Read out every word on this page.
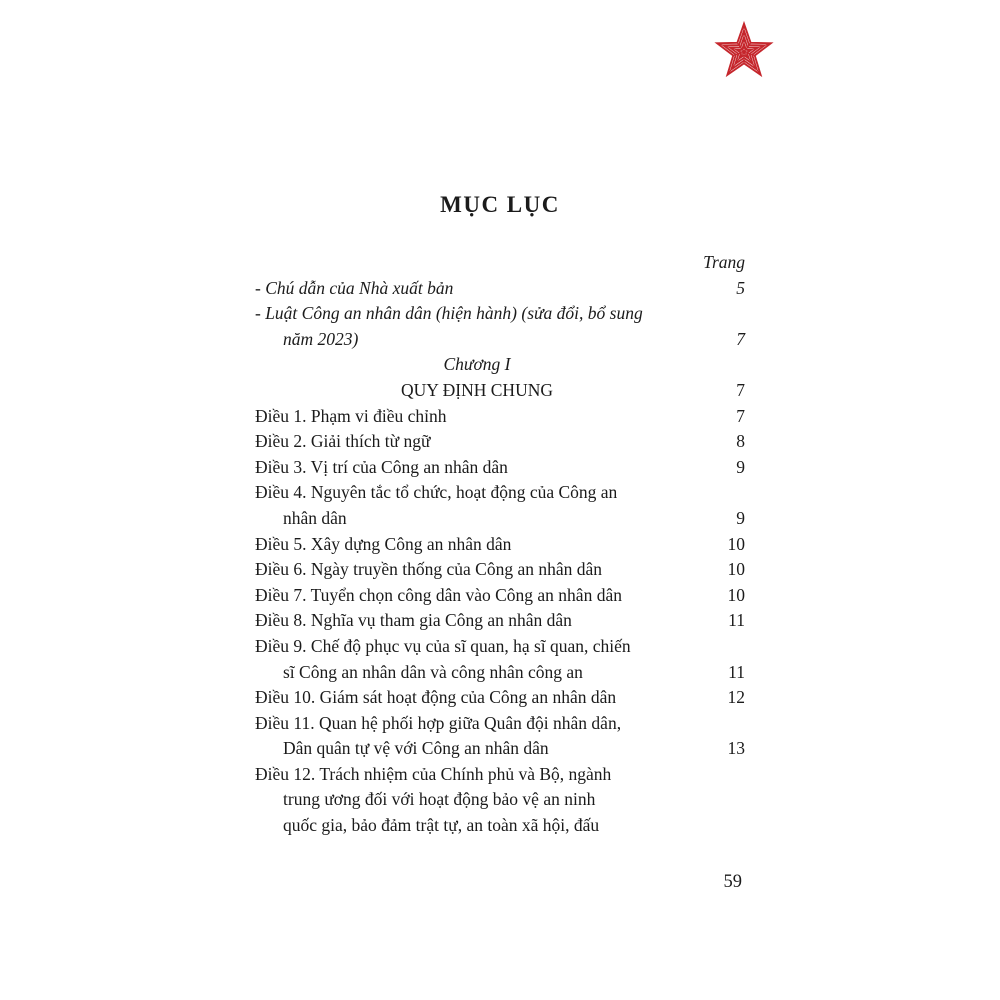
MỤC LỤC
Trang
- Chú dẫn của Nhà xuất bản	5
- Luật Công an nhân dân (hiện hành) (sửa đổi, bổ sung
năm 2023)	7
Chương I
QUY ĐỊNH CHUNG	7
Điều 1. Phạm vi điều chỉnh	7
Điều 2. Giải thích từ ngữ	8
Điều 3. Vị trí của Công an nhân dân	9
Điều 4. Nguyên tắc tổ chức, hoạt động của Công an
nhân dân	9
Điều 5. Xây dựng Công an nhân dân	10
Điều 6. Ngày truyền thống của Công an nhân dân	10
Điều 7. Tuyển chọn công dân vào Công an nhân dân	10
Điều 8. Nghĩa vụ tham gia Công an nhân dân	11
Điều 9. Chế độ phục vụ của sĩ quan, hạ sĩ quan, chiến
sĩ Công an nhân dân và công nhân công an	11
Điều 10. Giám sát hoạt động của Công an nhân dân	12
Điều 11. Quan hệ phối hợp giữa Quân đội nhân dân,
Dân quân tự vệ với Công an nhân dân	13
Điều 12. Trách nhiệm của Chính phủ và Bộ, ngành
trung ương đối với hoạt động bảo vệ an ninh
quốc gia, bảo đảm trật tự, an toàn xã hội, đấu
59
